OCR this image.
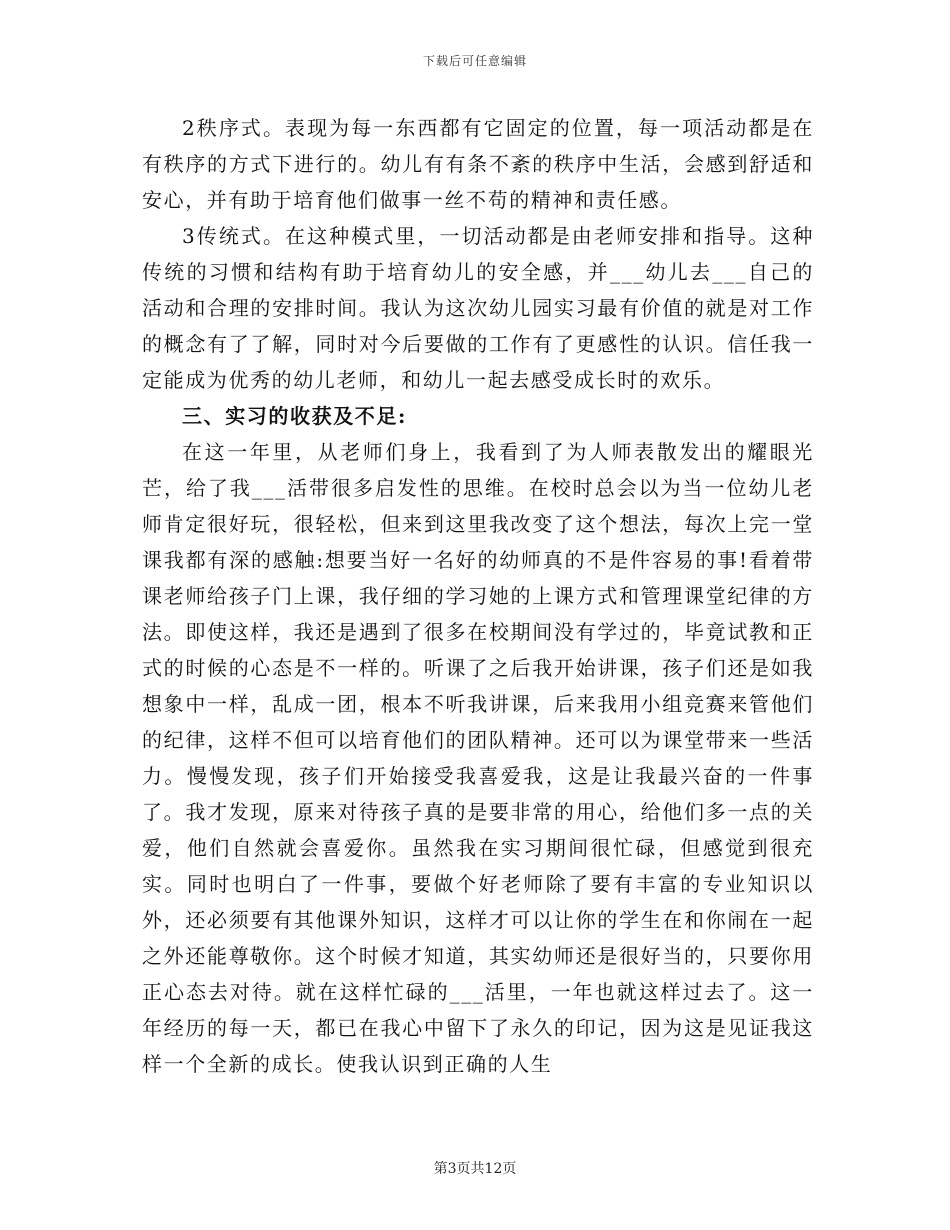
下载后可任意编辑

2秩序式。表现为每一东西都有它固定的位置，每一项活动都是在有秩序的方式下进行的。幼儿有有条不紊的秩序中生活，会感到舒适和安心，并有助于培育他们做事一丝不苟的精神和责任感。

3传统式。在这种模式里，一切活动都是由老师安排和指导。这种传统的习惯和结构有助于培育幼儿的安全感，并___幼儿去___自己的活动和合理的安排时间。我认为这次幼儿园实习最有价值的就是对工作的概念有了了解，同时对今后要做的工作有了更感性的认识。信任我一定能成为优秀的幼儿老师，和幼儿一起去感受成长时的欢乐。

三、实习的收获及不足:

在这一年里，从老师们身上，我看到了为人师表散发出的耀眼光芒，给了我___活带很多启发性的思维。在校时总会以为当一位幼儿老师肯定很好玩，很轻松，但来到这里我改变了这个想法，每次上完一堂课我都有深的感触:想要当好一名好的幼师真的不是件容易的事!看着带课老师给孩子门上课，我仔细的学习她的上课方式和管理课堂纪律的方法。即使这样，我还是遇到了很多在校期间没有学过的，毕竟试教和正式的时候的心态是不一样的。听课了之后我开始讲课，孩子们还是如我想象中一样，乱成一团，根本不听我讲课，后来我用小组竞赛来管他们的纪律，这样不但可以培育他们的团队精神。还可以为课堂带来一些活力。慢慢发现，孩子们开始接受我喜爱我，这是让我最兴奋的一件事了。我才发现，原来对待孩子真的是要非常的用心，给他们多一点的关爱，他们自然就会喜爱你。虽然我在实习期间很忙碌，但感觉到很充实。同时也明白了一件事，要做个好老师除了要有丰富的专业知识以外，还必须要有其他课外知识，这样才可以让你的学生在和你闹在一起之外还能尊敬你。这个时候才知道，其实幼师还是很好当的，只要你用正心态去对待。就在这样忙碌的___活里，一年也就这样过去了。这一年经历的每一天，都已在我心中留下了永久的印记，因为这是见证我这样一个全新的成长。使我认识到正确的人生

第3页共12页
